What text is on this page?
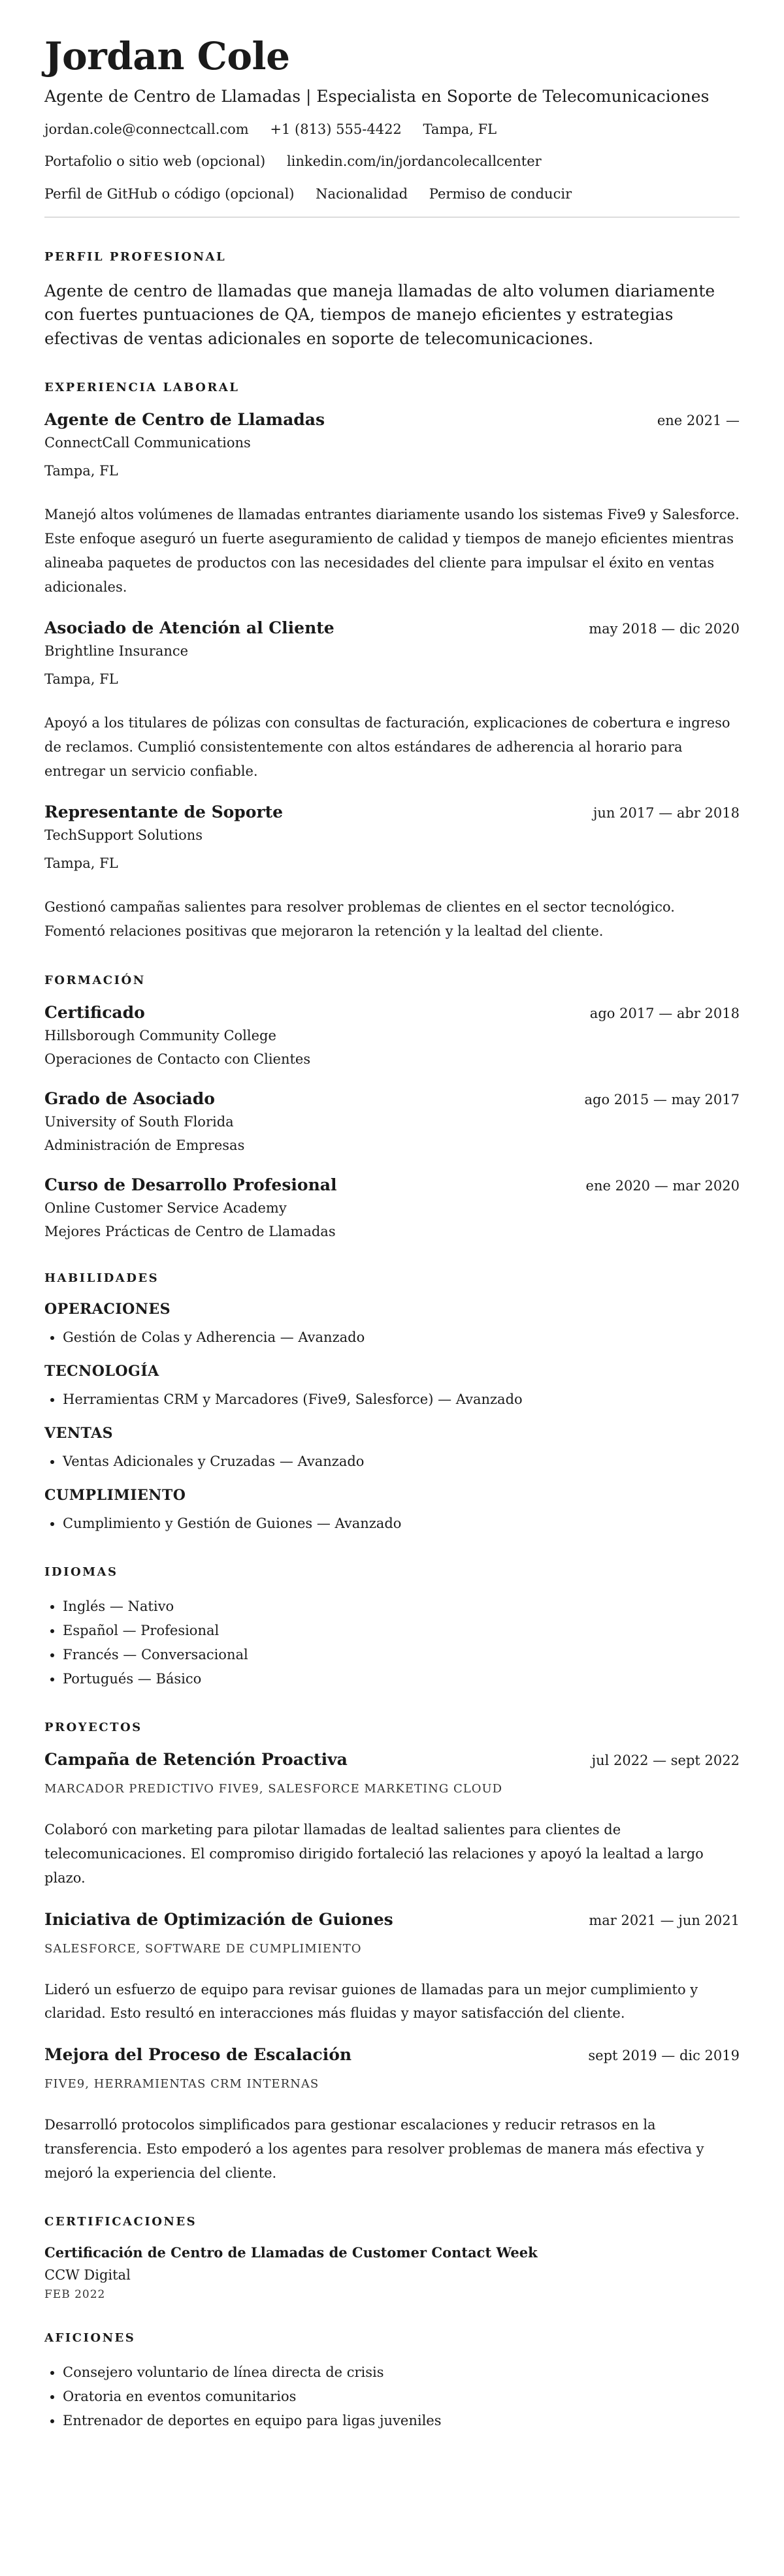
Jordan Cole
Agente de Centro de Llamadas | Especialista en Soporte de Telecomunicaciones
jordan.cole@connectcall.com +1 (813) 555-4422 Tampa, FL
Portafolio o sitio web (opcional) linkedin.com/in/jordancolecallcenter
Perfil de GitHub o código (opcional) Nacionalidad Permiso de conducir
PERFIL PROFESIONAL
Agente de centro de llamadas que maneja llamadas de alto volumen diariamente con fuertes puntuaciones de QA, tiempos de manejo eficientes y estrategias efectivas de ventas adicionales en soporte de telecomunicaciones.
EXPERIENCIA LABORAL
Agente de Centro de Llamadas	ene 2021 —
ConnectCall Communications
Tampa, FL
Manejó altos volúmenes de llamadas entrantes diariamente usando los sistemas Five9 y Salesforce. Este enfoque aseguró un fuerte aseguramiento de calidad y tiempos de manejo eficientes mientras alineaba paquetes de productos con las necesidades del cliente para impulsar el éxito en ventas adicionales.
Asociado de Atención al Cliente	may 2018 — dic 2020
Brightline Insurance
Tampa, FL
Apoyó a los titulares de pólizas con consultas de facturación, explicaciones de cobertura e ingreso de reclamos. Cumplió consistentemente con altos estándares de adherencia al horario para entregar un servicio confiable.
Representante de Soporte	jun 2017 — abr 2018
TechSupport Solutions
Tampa, FL
Gestionó campañas salientes para resolver problemas de clientes en el sector tecnológico. Fomentó relaciones positivas que mejoraron la retención y la lealtad del cliente.
FORMACIÓN
Certificado	ago 2017 — abr 2018
Hillsborough Community College
Operaciones de Contacto con Clientes
Grado de Asociado	ago 2015 — may 2017
University of South Florida
Administración de Empresas
Curso de Desarrollo Profesional	ene 2020 — mar 2020
Online Customer Service Academy
Mejores Prácticas de Centro de Llamadas
HABILIDADES
OPERACIONES
• Gestión de Colas y Adherencia — Avanzado
TECNOLOGÍA
• Herramientas CRM y Marcadores (Five9, Salesforce) — Avanzado
VENTAS
• Ventas Adicionales y Cruzadas — Avanzado
CUMPLIMIENTO
• Cumplimiento y Gestión de Guiones — Avanzado
IDIOMAS
• Inglés — Nativo
• Español — Profesional
• Francés — Conversacional
• Portugués — Básico
PROYECTOS
Campaña de Retención Proactiva	jul 2022 — sept 2022
MARCADOR PREDICTIVO FIVE9, SALESFORCE MARKETING CLOUD
Colaboró con marketing para pilotar llamadas de lealtad salientes para clientes de telecomunicaciones. El compromiso dirigido fortaleció las relaciones y apoyó la lealtad a largo plazo.
Iniciativa de Optimización de Guiones	mar 2021 — jun 2021
SALESFORCE, SOFTWARE DE CUMPLIMIENTO
Lideró un esfuerzo de equipo para revisar guiones de llamadas para un mejor cumplimiento y claridad. Esto resultó en interacciones más fluidas y mayor satisfacción del cliente.
Mejora del Proceso de Escalación	sept 2019 — dic 2019
FIVE9, HERRAMIENTAS CRM INTERNAS
Desarrolló protocolos simplificados para gestionar escalaciones y reducir retrasos en la transferencia. Esto empoderó a los agentes para resolver problemas de manera más efectiva y mejoró la experiencia del cliente.
CERTIFICACIONES
Certificación de Centro de Llamadas de Customer Contact Week
CCW Digital
FEB 2022
AFICIONES
• Consejero voluntario de línea directa de crisis
• Oratoria en eventos comunitarios
• Entrenador de deportes en equipo para ligas juveniles
